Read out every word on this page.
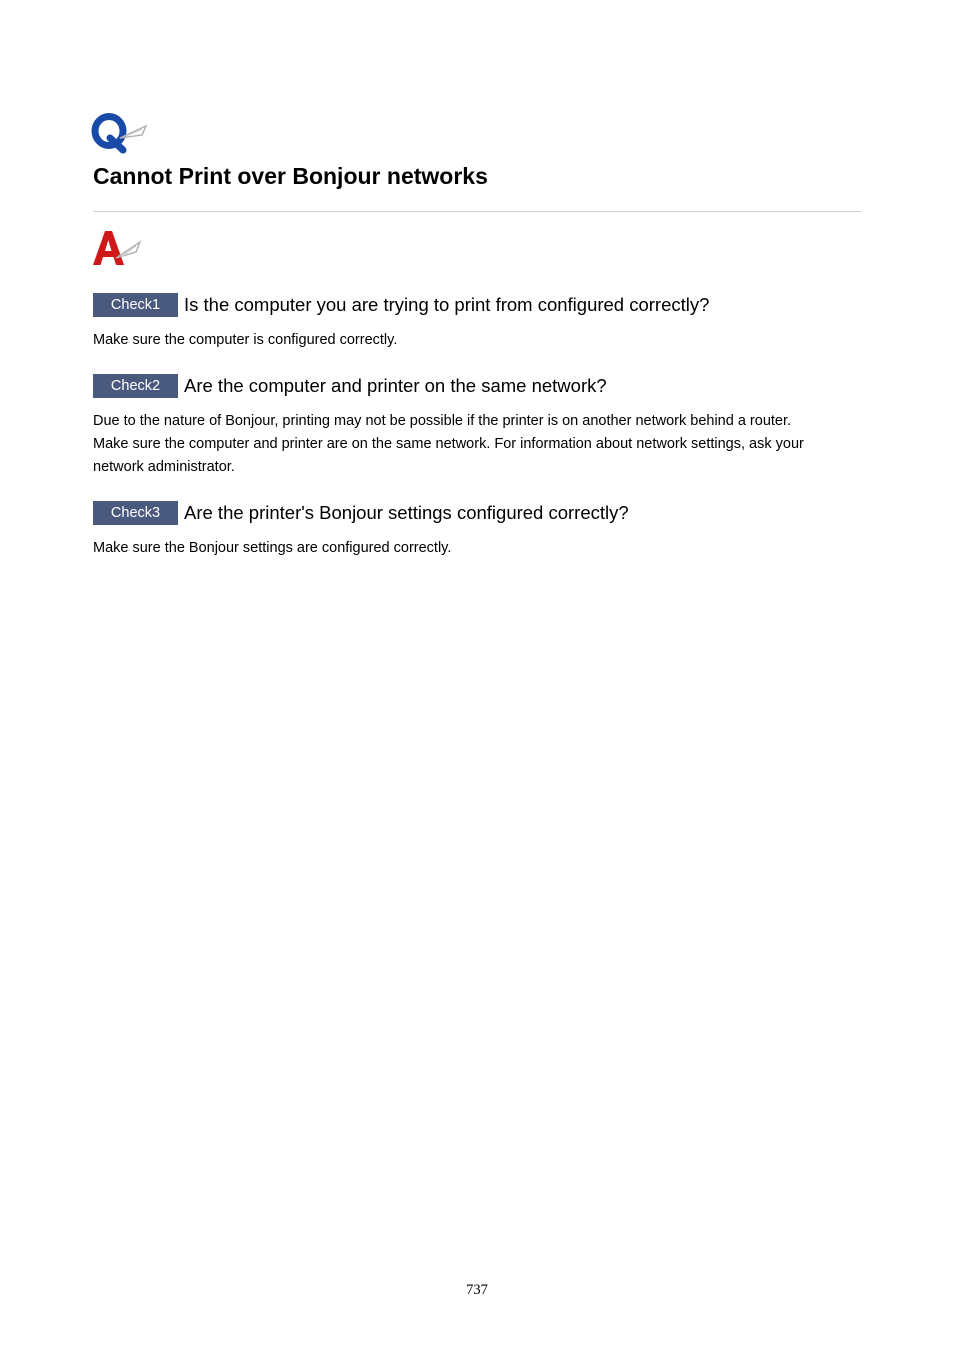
Cannot Print over Bonjour networks
Check1	Is the computer you are trying to print from configured correctly?

Make sure the computer is configured correctly.

Check2	Are the computer and printer on the same network?
Due to the nature of Bonjour, printing may not be possible if the printer is on another network behind a router.
Make sure the computer and printer are on the same network. For information about network settings, ask your
network administrator.
Check3	Are the printer's Bonjour settings configured correctly?

Make sure the Bonjour settings are configured correctly.

737
